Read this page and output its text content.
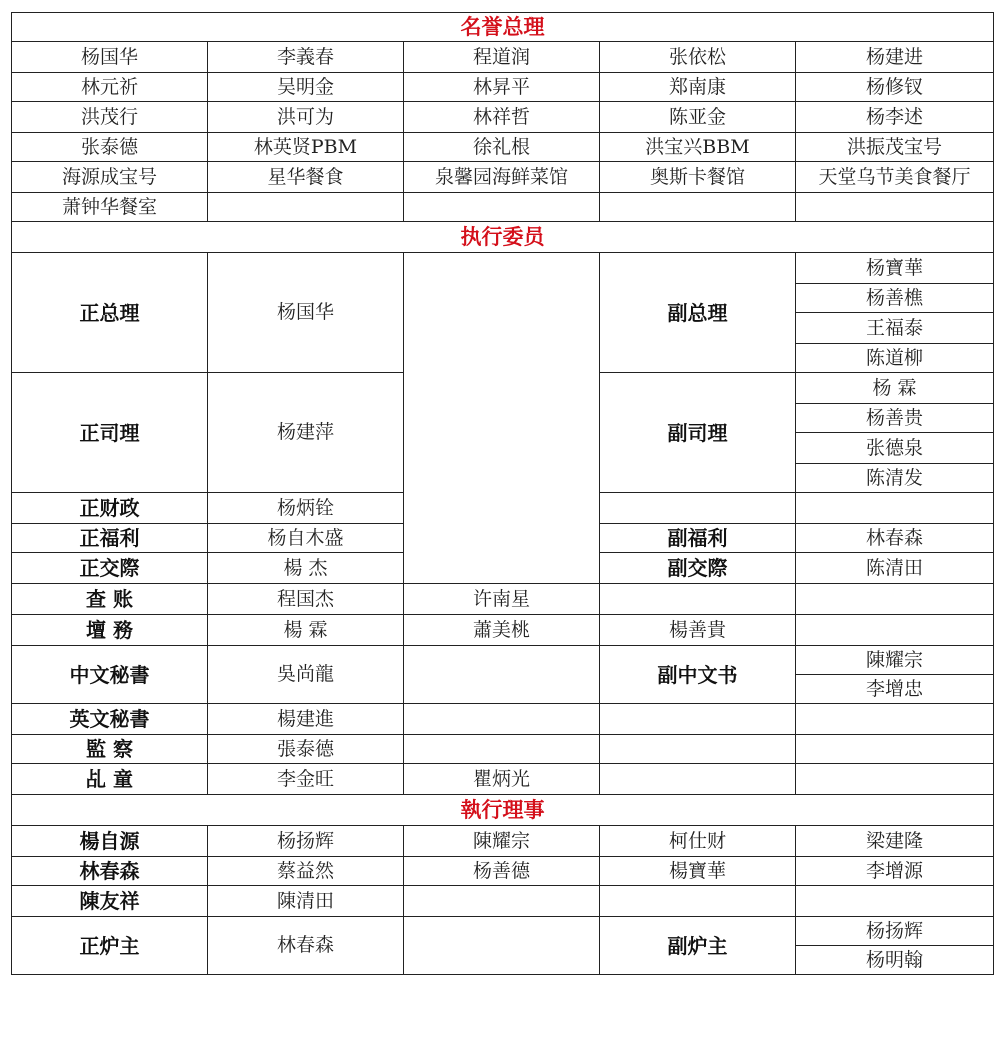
名誉总理				
杨国华	李義春	程道润	张依松	杨建进
林元祈	吴明金	林昇平	郑南康	杨修钗
洪茂行	洪可为	林祥哲	陈亚金	杨李述
张泰德	林英贤PBM	徐礼根	洪宝兴BBM	洪振茂宝号
海源成宝号	星华餐食	泉馨园海鲜菜馆	奥斯卡餐馆	天堂乌节美食餐厅
萧钟华餐室				
执行委员				
正总理	杨国华		副总理	杨寶華
				杨善樵
				王福泰
				陈道柳
正司理	杨建萍		副司理	杨 霖
				杨善贵
				张德泉
				陈清发
正财政	杨炳铨			
正福利	杨自木盛		副福利	林春森
正交際	楊 杰		副交際	陈清田
查 账	程国杰	许南星		
壇 務	楊 霖	蕭美桃	楊善貴	
中文秘書	吳尚龍		副中文书	陳耀宗
				李增忠
英文秘書	楊建進			
監 察	張泰德			
乩 童	李金旺	瞿炳光		
執行理事				
楊自源	杨扬辉	陳耀宗	柯仕财	梁建隆
林春森	蔡益然	杨善德	楊寶華	李增源
陳友祥	陳清田			
正炉主	林春森		副炉主	杨扬辉
				杨明翰
